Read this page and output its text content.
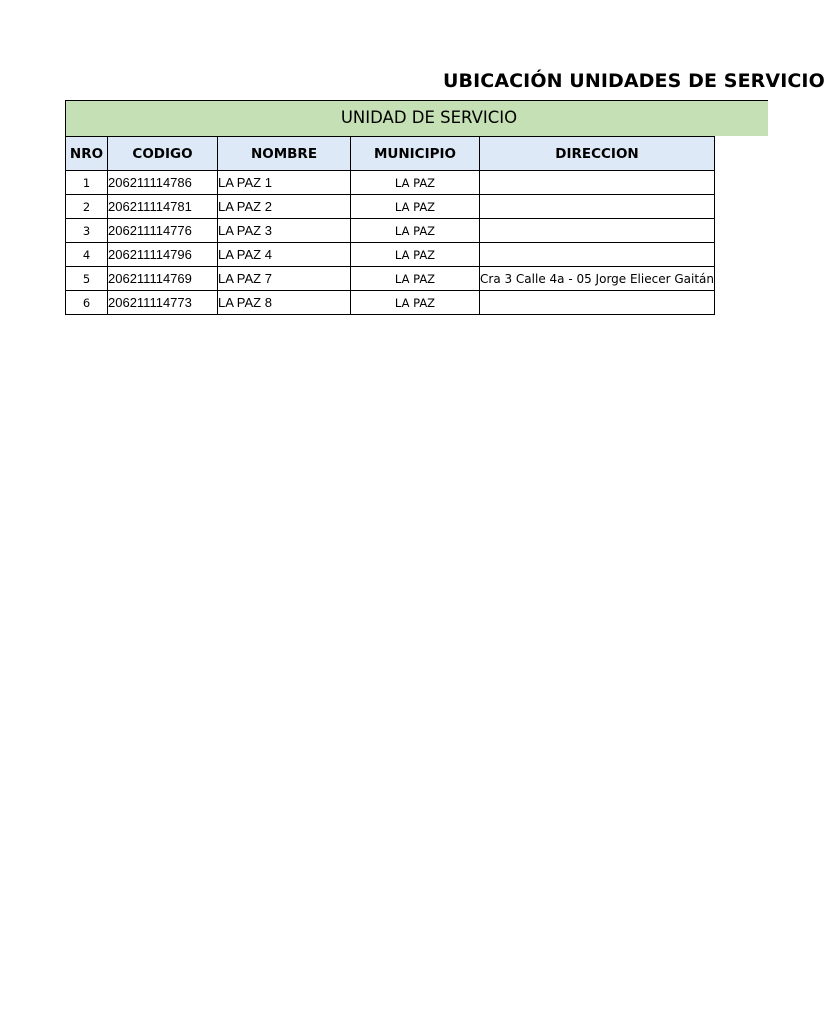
UBICACIÓN UNIDADES DE SERVICIO
UNIDAD DE SERVICIO
NRO	CODIGO	NOMBRE	MUNICIPIO	DIRECCION
1	206211114786	LA PAZ 1	LA PAZ	
2	206211114781	LA PAZ 2	LA PAZ	
3	206211114776	LA PAZ 3	LA PAZ	
4	206211114796	LA PAZ 4	LA PAZ	
5	206211114769	LA PAZ 7	LA PAZ	Cra 3 Calle 4a - 05 Jorge Eliecer Gaitán
6	206211114773	LA PAZ 8	LA PAZ	
